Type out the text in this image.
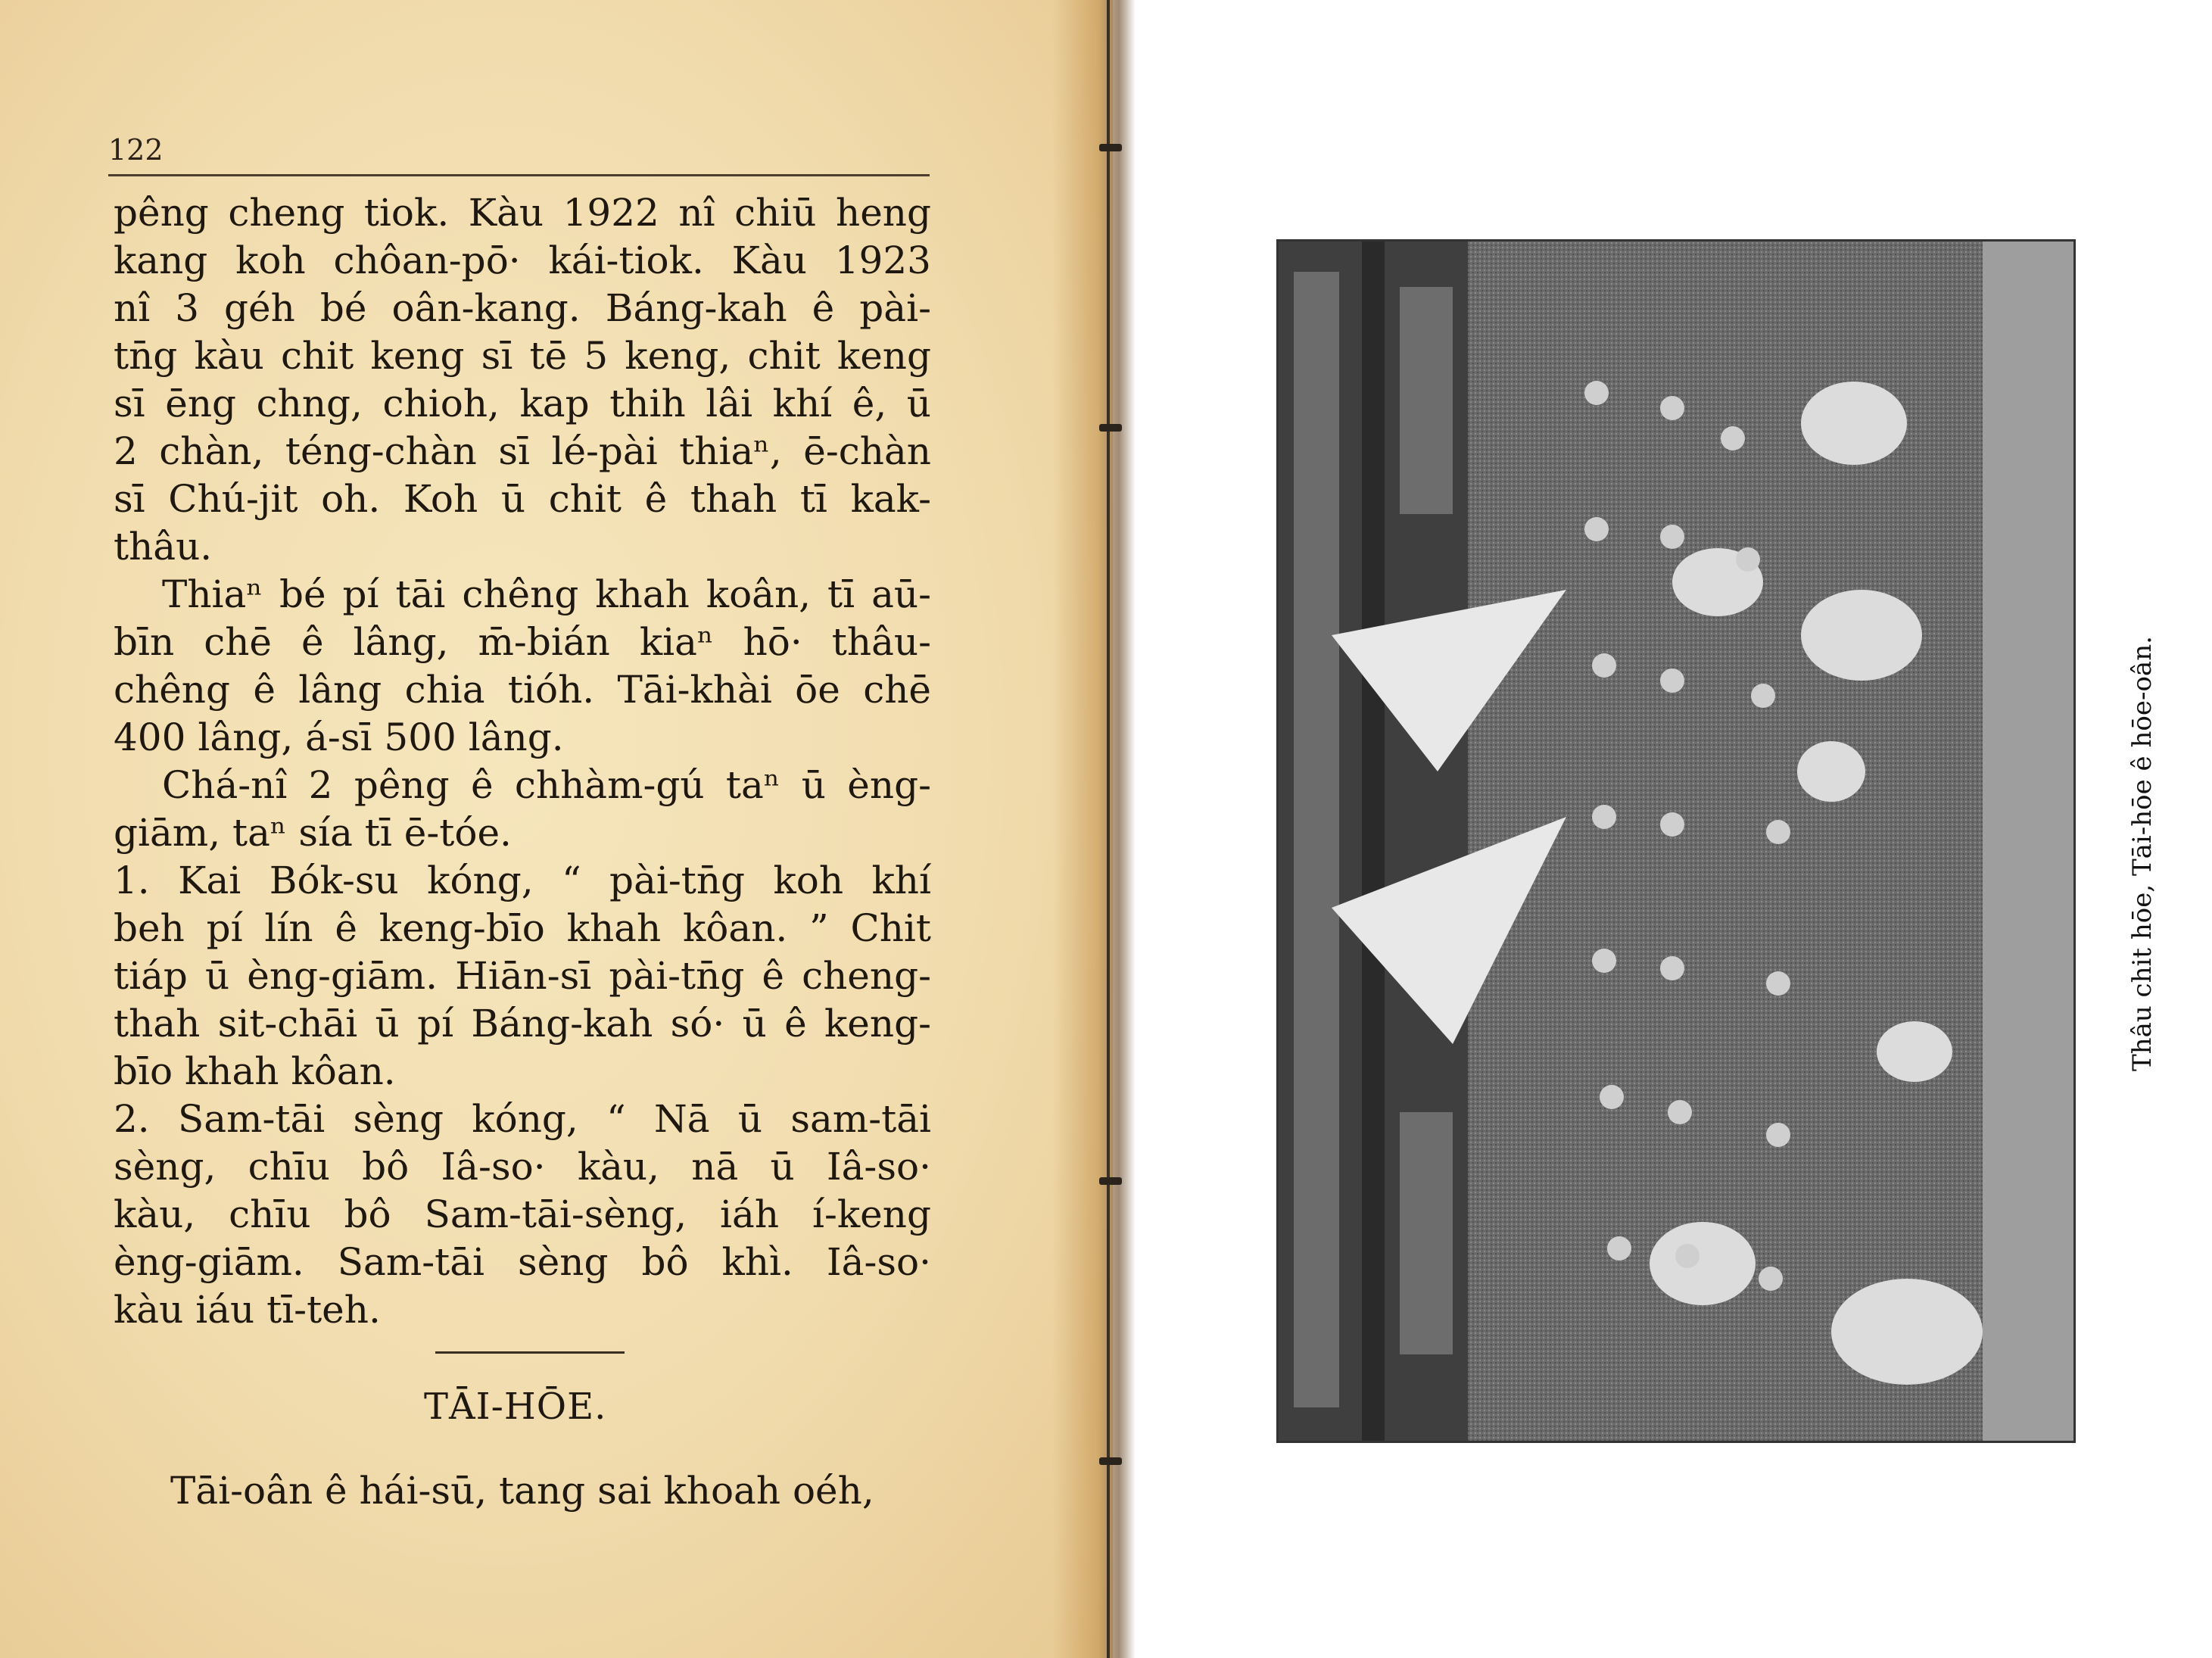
122
pêng cheng tiok. Kàu 1922 nî chiū heng
kang koh chôan-pō· kái-tiok. Kàu 1923
nî 3 géh bé oân-kang. Báng-kah ê pài-
tn̄g kàu chit keng sī tē 5 keng, chit keng
sī ēng chng, chioh, kap thih lâi khí ê, ū
2 chàn, téng-chàn sī lé-pài thiaⁿ, ē-chàn
sī Chú-jit oh. Koh ū chit ê thah tī kak-
thâu.
Thiaⁿ bé pí tāi chêng khah koân, tī aū-
bīn chē ê lâng, m̄-bián kiaⁿ hō· thâu-
chêng ê lâng chia tióh. Tāi-khài ōe chē
400 lâng, á-sī 500 lâng.
Chá-nî 2 pêng ê chhàm-gú taⁿ ū èng-
giām, taⁿ sía tī ē-tóe.
1. Kai Bók-su kóng, “ pài-tn̄g koh khí
beh pí lín ê keng-bīo khah kôan. ” Chit
tiáp ū èng-giām. Hiān-sī pài-tn̄g ê cheng-
thah sit-chāi ū pí Báng-kah só· ū ê keng-
bīo khah kôan.
2. Sam-tāi sèng kóng, “ Nā ū sam-tāi
sèng, chīu bô Iâ-so· kàu, nā ū Iâ-so·
kàu, chīu bô Sam-tāi-sèng, iáh í-keng
èng-giām. Sam-tāi sèng bô khì. Iâ-so·
kàu iáu tī-teh.
TĀI-HŌE.
Tāi-oân ê hái-sū, tang sai khoah oéh,
Thâu chit hōe, Tāi-hōe ê hōe-oân.
